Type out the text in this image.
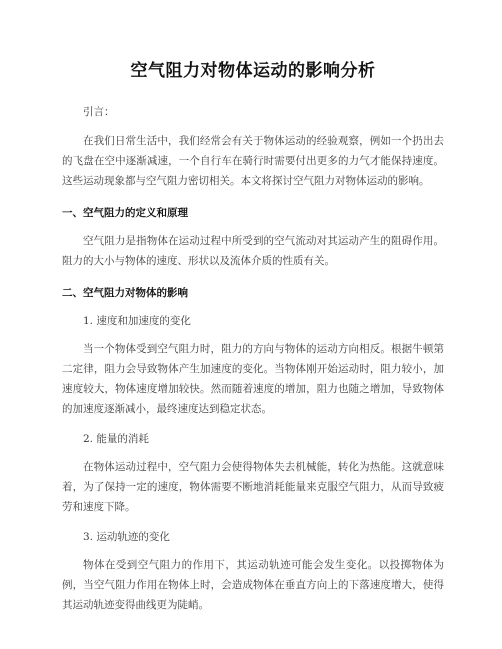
空气阻力对物体运动的影响分析

引言：

在我们日常生活中，我们经常会有关于物体运动的经验观察，例如一个扔出去的飞盘在空中逐渐减速，一个自行车在骑行时需要付出更多的力气才能保持速度。这些运动现象都与空气阻力密切相关。本文将探讨空气阻力对物体运动的影响。

一、空气阻力的定义和原理

空气阻力是指物体在运动过程中所受到的空气流动对其运动产生的阻碍作用。阻力的大小与物体的速度、形状以及流体介质的性质有关。

二、空气阻力对物体的影响

1. 速度和加速度的变化

当一个物体受到空气阻力时，阻力的方向与物体的运动方向相反。根据牛顿第二定律，阻力会导致物体产生加速度的变化。当物体刚开始运动时，阻力较小，加速度较大，物体速度增加较快。然而随着速度的增加，阻力也随之增加，导致物体的加速度逐渐减小，最终速度达到稳定状态。

2. 能量的消耗

在物体运动过程中，空气阻力会使得物体失去机械能，转化为热能。这就意味着，为了保持一定的速度，物体需要不断地消耗能量来克服空气阻力，从而导致疲劳和速度下降。

3. 运动轨迹的变化

物体在受到空气阻力的作用下，其运动轨迹可能会发生变化。以投掷物体为例，当空气阻力作用在物体上时，会造成物体在垂直方向上的下落速度增大，使得其运动轨迹变得曲线更为陡峭。
